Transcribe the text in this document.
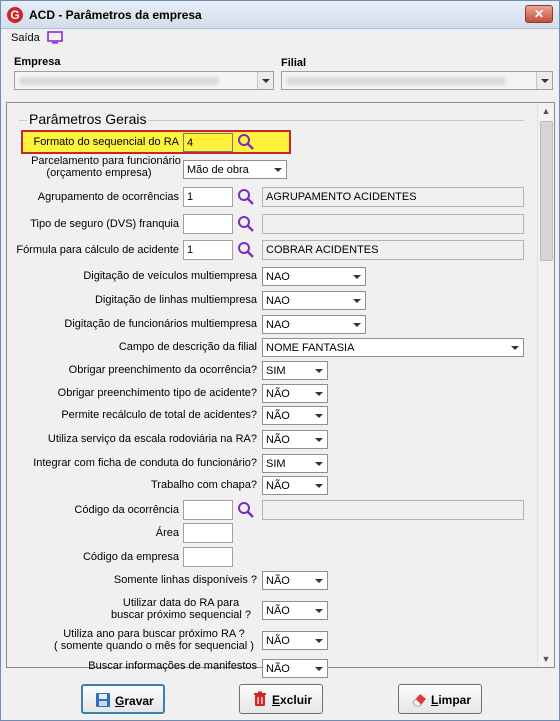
G ACD - Parâmetros da empresa	✕
Saída
Empresa	Filial
Parâmetros Gerais
Formato do sequencial do RA 4
Parcelamento para funcionário
(orçamento empresa)	Mão de obra
Agrupamento de ocorrências 1	AGRUPAMENTO ACIDENTES
Tipo de seguro (DVS) franquia
Fórmula para cálculo de acidente 1	COBRAR ACIDENTES
Digitação de veículos multiempresa NAO
Digitação de linhas multiempresa NAO
Digitação de funcionários multiempresa NAO
Campo de descrição da filial NOME FANTASIA
Obrigar preenchimento da ocorrência? SIM
Obrigar preenchimento tipo de acidente? NÃO
Permite recálculo de total de acidentes? NÃO
Utiliza serviço da escala rodoviária na RA? NÃO
Integrar com ficha de conduta do funcionário? SIM
Trabalho com chapa? NÃO
Código da ocorrência
Área
Código da empresa
Somente linhas disponíveis ? NÃO
Utilizar data do RA para
buscar próximo sequencial ?	NÃO
Utiliza ano para buscar próximo RA ?
( somente quando o mês for sequencial )	NÃO
Buscar informações de manifestos NÃO
▲
▼
Gravar	Excluir	Limpar
